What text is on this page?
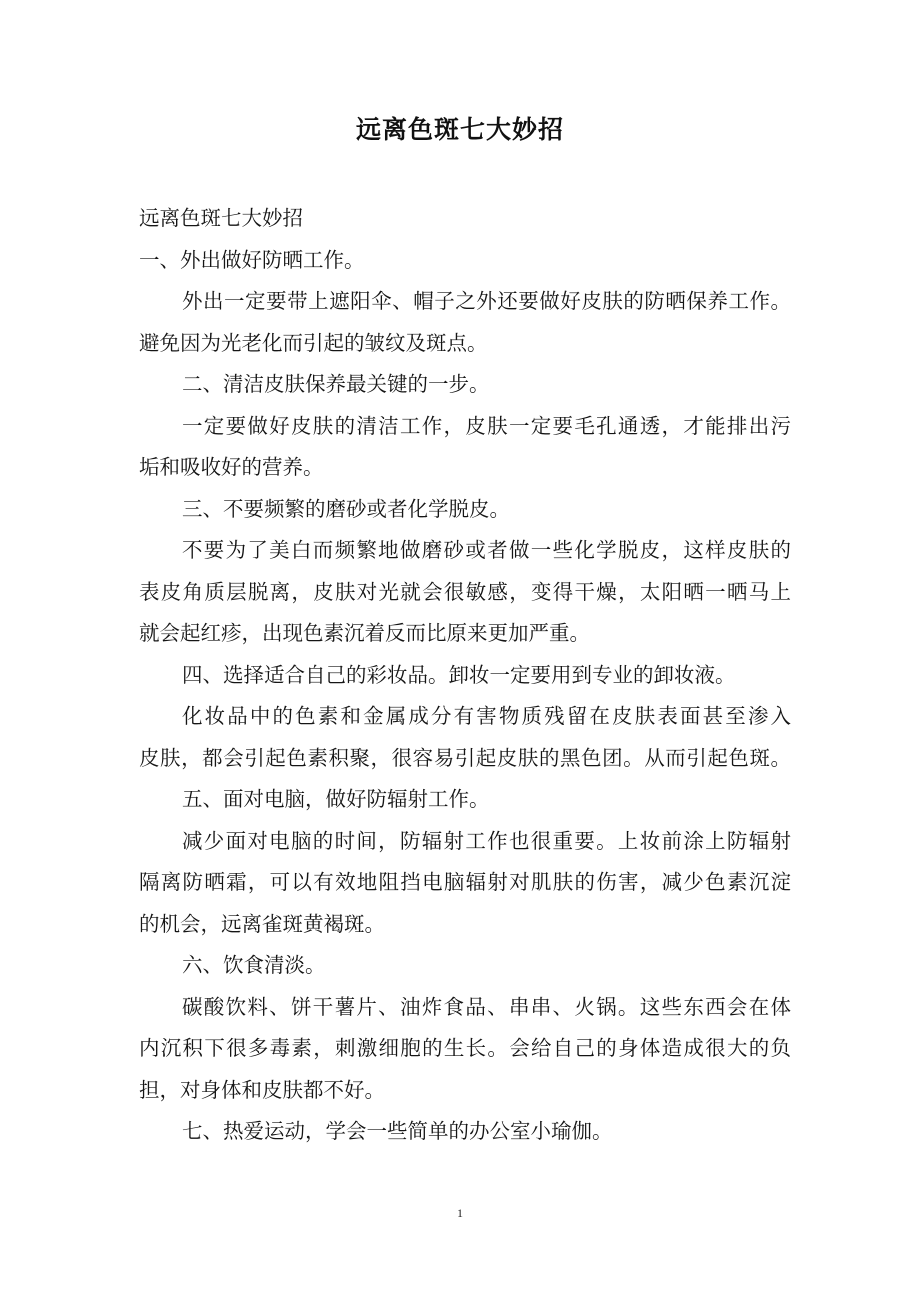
远离色斑七大妙招
远离色斑七大妙招
一、外出做好防晒工作。
外出一定要带上遮阳伞、帽子之外还要做好皮肤的防晒保养工作。
避免因为光老化而引起的皱纹及斑点。
二、清洁皮肤保养最关键的一步。
一定要做好皮肤的清洁工作，皮肤一定要毛孔通透，才能排出污
垢和吸收好的营养。
三、不要频繁的磨砂或者化学脱皮。
不要为了美白而频繁地做磨砂或者做一些化学脱皮，这样皮肤的
表皮角质层脱离，皮肤对光就会很敏感，变得干燥，太阳晒一晒马上
就会起红疹，出现色素沉着反而比原来更加严重。
四、选择适合自己的彩妆品。卸妆一定要用到专业的卸妆液。
化妆品中的色素和金属成分有害物质残留在皮肤表面甚至渗入
皮肤，都会引起色素积聚，很容易引起皮肤的黑色团。从而引起色斑。
五、面对电脑，做好防辐射工作。
减少面对电脑的时间，防辐射工作也很重要。上妆前涂上防辐射
隔离防晒霜，可以有效地阻挡电脑辐射对肌肤的伤害，减少色素沉淀
的机会，远离雀斑黄褐斑。
六、饮食清淡。
碳酸饮料、饼干薯片、油炸食品、串串、火锅。这些东西会在体
内沉积下很多毒素，刺激细胞的生长。会给自己的身体造成很大的负
担，对身体和皮肤都不好。
七、热爱运动，学会一些简单的办公室小瑜伽。
1
